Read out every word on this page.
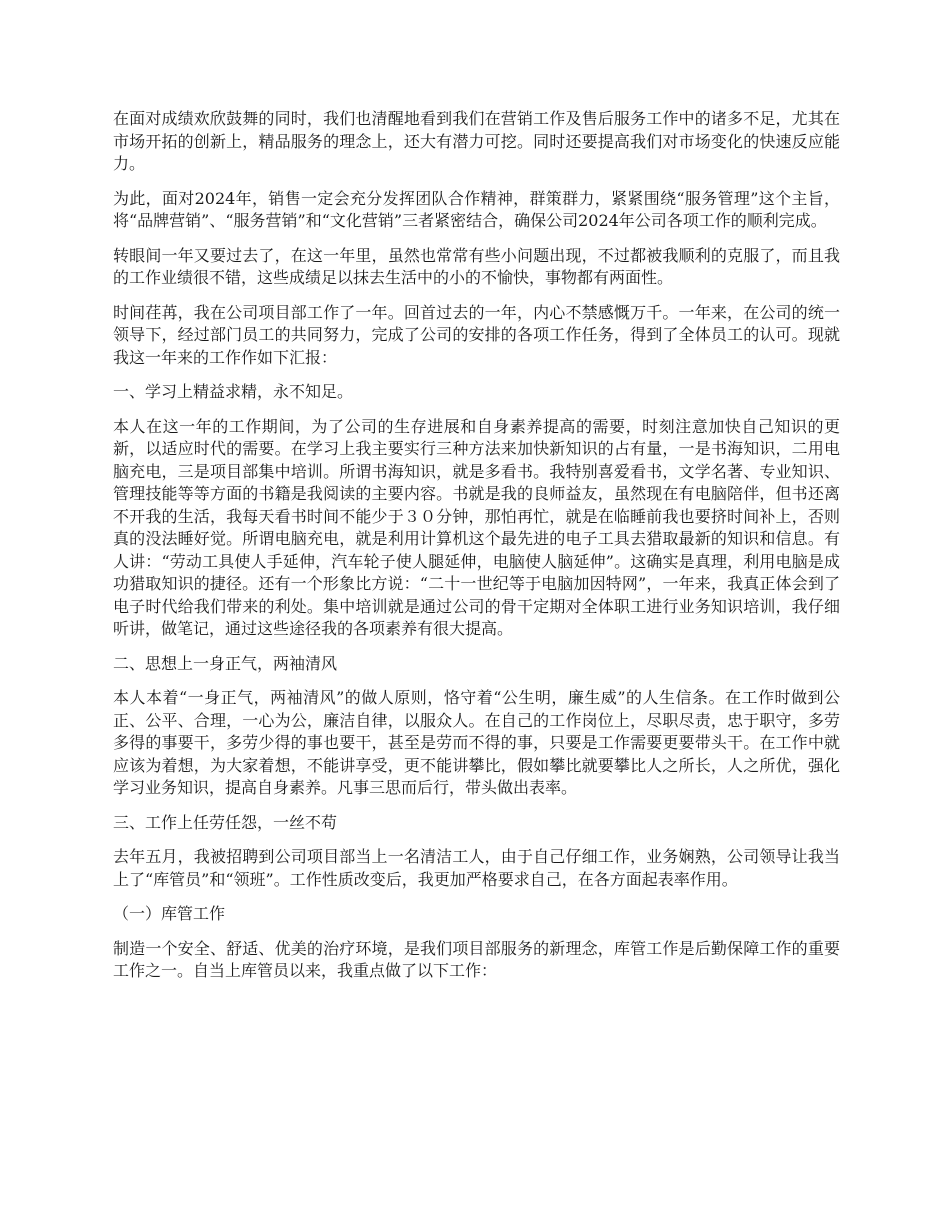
在面对成绩欢欣鼓舞的同时，我们也清醒地看到我们在营销工作及售后服务工作中的诸多不足，尤其在市场开拓的创新上，精品服务的理念上，还大有潜力可挖。同时还要提高我们对市场变化的快速反应能力。

为此，面对2024年，销售一定会充分发挥团队合作精神，群策群力，紧紧围绕“服务管理”这个主旨，将“品牌营销”、“服务营销”和“文化营销”三者紧密结合，确保公司2024年公司各项工作的顺利完成。

转眼间一年又要过去了，在这一年里，虽然也常常有些小问题出现，不过都被我顺利的克服了，而且我的工作业绩很不错，这些成绩足以抹去生活中的小的不愉快，事物都有两面性。

时间荏苒，我在公司项目部工作了一年。回首过去的一年，内心不禁感慨万千。一年来，在公司的统一领导下，经过部门员工的共同努力，完成了公司的安排的各项工作任务，得到了全体员工的认可。现就我这一年来的工作作如下汇报：

一、学习上精益求精，永不知足。

本人在这一年的工作期间，为了公司的生存进展和自身素养提高的需要，时刻注意加快自己知识的更新，以适应时代的需要。在学习上我主要实行三种方法来加快新知识的占有量，一是书海知识，二用电脑充电，三是项目部集中培训。所谓书海知识，就是多看书。我特别喜爱看书，文学名著、专业知识、管理技能等等方面的书籍是我阅读的主要内容。书就是我的良师益友，虽然现在有电脑陪伴，但书还离不开我的生活，我每天看书时间不能少于３０分钟，那怕再忙，就是在临睡前我也要挤时间补上，否则真的没法睡好觉。所谓电脑充电，就是利用计算机这个最先进的电子工具去猎取最新的知识和信息。有人讲：“劳动工具使人手延伸，汽车轮子使人腿延伸，电脑使人脑延伸”。这确实是真理，利用电脑是成功猎取知识的捷径。还有一个形象比方说：“二十一世纪等于电脑加因特网”，一年来，我真正体会到了电子时代给我们带来的利处。集中培训就是通过公司的骨干定期对全体职工进行业务知识培训，我仔细听讲，做笔记，通过这些途径我的各项素养有很大提高。

二、思想上一身正气，两袖清风

本人本着“一身正气，两袖清风”的做人原则，恪守着“公生明，廉生威”的人生信条。在工作时做到公正、公平、合理，一心为公，廉洁自律，以服众人。在自己的工作岗位上，尽职尽责，忠于职守，多劳多得的事要干，多劳少得的事也要干，甚至是劳而不得的事，只要是工作需要更要带头干。在工作中就应该为着想，为大家着想，不能讲享受，更不能讲攀比，假如攀比就要攀比人之所长，人之所优，强化学习业务知识，提高自身素养。凡事三思而后行，带头做出表率。

三、工作上任劳任怨，一丝不苟

去年五月，我被招聘到公司项目部当上一名清洁工人，由于自己仔细工作，业务娴熟，公司领导让我当上了“库管员”和“领班”。工作性质改变后，我更加严格要求自己，在各方面起表率作用。

（一）库管工作

制造一个安全、舒适、优美的治疗环境，是我们项目部服务的新理念，库管工作是后勤保障工作的重要工作之一。自当上库管员以来，我重点做了以下工作：
